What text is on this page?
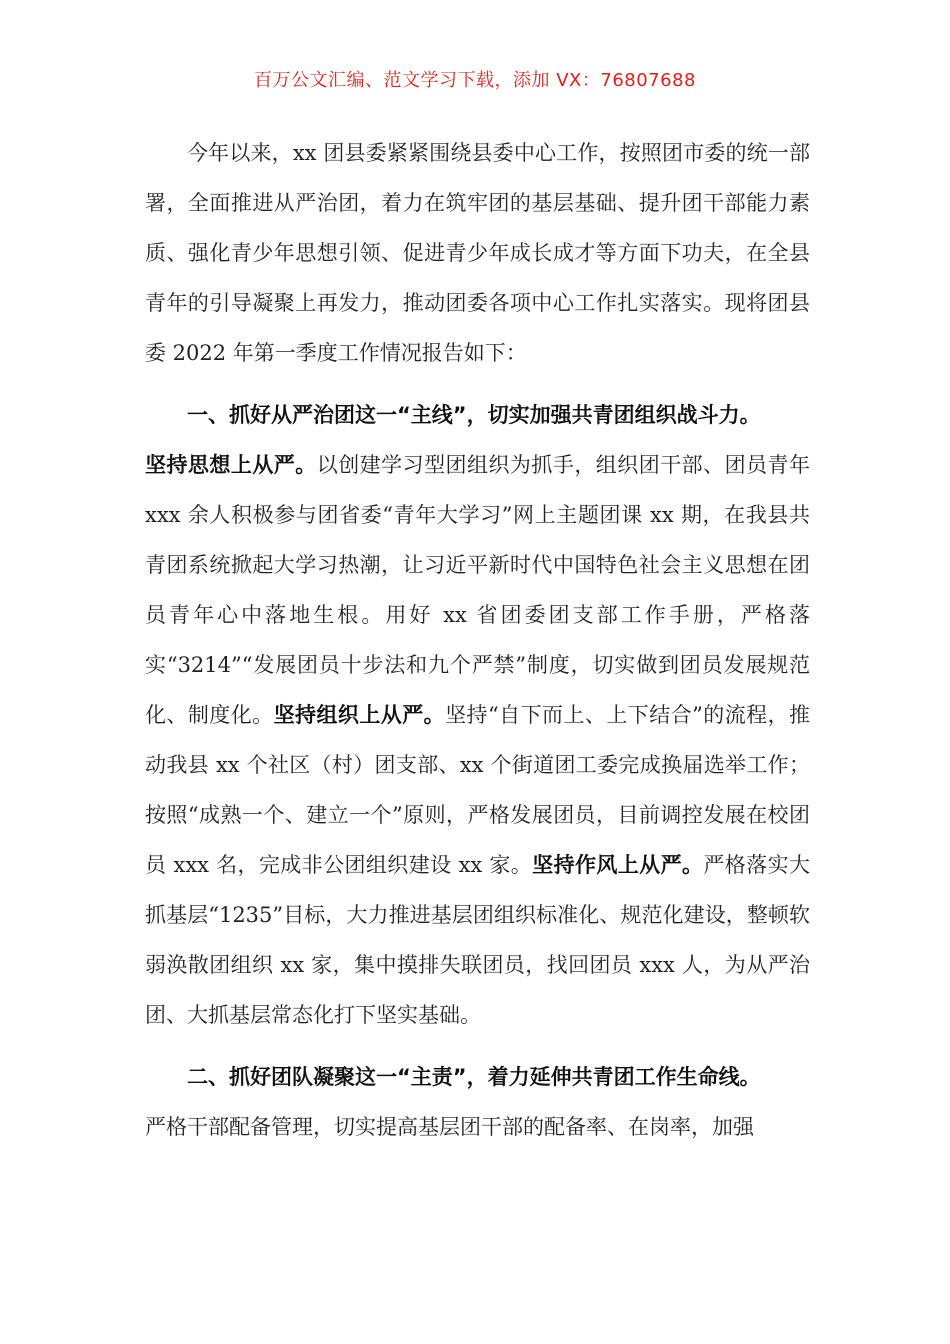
百万公文汇编、范文学习下载，添加 VX：76807688

今年以来，xx 团县委紧紧围绕县委中心工作，按照团市委的统一部署，全面推进从严治团，着力在筑牢团的基层基础、提升团干部能力素质、强化青少年思想引领、促进青少年成长成才等方面下功夫，在全县青年的引导凝聚上再发力，推动团委各项中心工作扎实落实。现将团县委 2022 年第一季度工作情况报告如下：

一、抓好从严治团这一“主线”，切实加强共青团组织战斗力。

坚持思想上从严。以创建学习型团组织为抓手，组织团干部、团员青年 xxx 余人积极参与团省委“青年大学习”网上主题团课 xx 期，在我县共青团系统掀起大学习热潮，让习近平新时代中国特色社会主义思想在团员青年心中落地生根。用好 xx 省团委团支部工作手册，严格落实“3214”“发展团员十步法和九个严禁”制度，切实做到团员发展规范化、制度化。坚持组织上从严。坚持“自下而上、上下结合”的流程，推动我县 xx 个社区（村）团支部、xx 个街道团工委完成换届选举工作；按照“成熟一个、建立一个”原则，严格发展团员，目前调控发展在校团员 xxx 名，完成非公团组织建设 xx 家。坚持作风上从严。严格落实大抓基层“1235”目标，大力推进基层团组织标准化、规范化建设，整顿软弱涣散团组织 xx 家，集中摸排失联团员，找回团员 xxx 人，为从严治团、大抓基层常态化打下坚实基础。

二、抓好团队凝聚这一“主责”，着力延伸共青团工作生命线。

严格干部配备管理，切实提高基层团干部的配备率、在岗率，加强
